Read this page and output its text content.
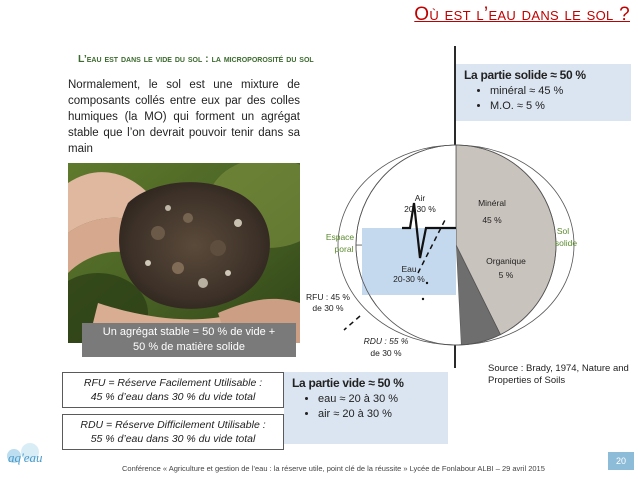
Où est l’eau dans le sol ?
L’eau est dans le vide du sol : la microporosité du sol
Normalement, le sol est une mixture de composants collés entre eux par des colles humiques (la MO) qui forment un agrégat stable que l’on devrait pouvoir tenir dans sa main
Un agrégat stable = 50 % de vide +
50 % de matière solide
RFU = Réserve Facilement Utilisable :
45 % d’eau dans 30 % du vide total
RDU = Réserve Difficilement Utilisable :
55 % d’eau dans 30 % du vide total
La partie solide ≈ 50 %
• minéral ≈ 45 %
• M.O. ≈ 5 %
La partie vide ≈ 50 %
• eau ≈ 20 à 30 %
• air ≈ 20 à 30 %
Air
20-30 %
Minéral
45 %
Organique
5 %
Eau
20-30 %
Espace
poral
Sol
solide
RFU : 45 %
de 30 %
RDU : 55 %
de 30 %
Source : Brady, 1974, Nature and Properties of Soils
aq'eau
Conférence « Agriculture et gestion de l’eau : la réserve utile, point clé de la réussite » Lycée de Fonlabour ALBI – 29 avril 2015
20
